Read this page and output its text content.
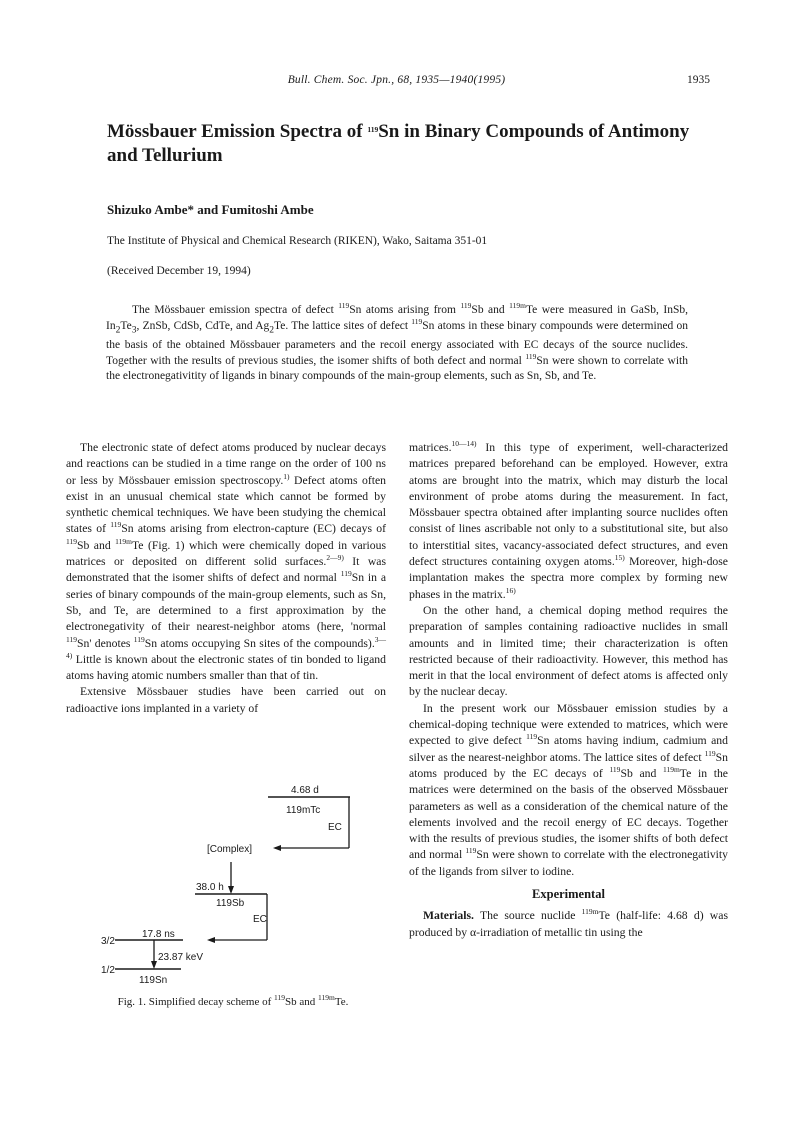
Bull. Chem. Soc. Jpn., 68, 1935—1940(1995)	1935
Mössbauer Emission Spectra of $^{119}$Sn in Binary Compounds of Antimony and Tellurium
Shizuko Ambe* and Fumitoshi Ambe
The Institute of Physical and Chemical Research (RIKEN), Wako, Saitama 351-01
(Received December 19, 1994)

The Mössbauer emission spectra of defect $^{119}$Sn atoms arising from $^{119}$Sb and $^{119m}$Te were measured in GaSb, InSb, $In_2Te_3$, ZnSb, CdSb, CdTe, and $Ag_2Te$. The lattice sites of defect $^{119}$Sn atoms in these binary compounds were determined on the basis of the obtained Mössbauer parameters and the recoil energy associated with EC decays of the source nuclides. Together with the results of previous studies, the isomer shifts of both defect and normal $^{119}$Sn were shown to correlate with the electronegativitity of ligands in binary compounds of the main-group elements, such as Sn, Sb, and Te.

The electronic state of defect atoms produced by nuclear decays and reactions can be studied in a time range on the order of 100 ns or less by Mössbauer emission spectroscopy.$^{1)}$ Defect atoms often exist in an unusual chemical state which cannot be formed by synthetic chemical techniques. We have been studying the chemical states of $^{119}$Sn atoms arising from electron-capture (EC) decays of $^{119}$Sb and $^{119m}$Te (Fig. 1) which were chemically doped in various matrices or deposited on different solid surfaces.$^{2—9)}$ It was demonstrated that the isomer shifts of defect and normal $^{119}$Sn in a series of binary compounds of the main-group elements, such as Sn, Sb, and Te, are determined to a first approximation by the electronegativity of their nearest-neighbor atoms (here, 'normal $^{119}$Sn' denotes $^{119}$Sn atoms occupying Sn sites of the compounds).$^{3—4)}$ Little is known about the electronic states of tin bonded to ligand atoms having atomic numbers smaller than that of tin.

Extensive Mössbauer studies have been carried out on radioactive ions implanted in a variety of

4.68 d
119mTc
EC
[Complex]
38.0 h
119Sb
EC
3/2
17.8 ns
23.87 keV
1/2
119Sn
Fig. 1. Simplified decay scheme of $^{119}$Sb and $^{119m}$Te.

matrices.$^{10—14)}$ In this type of experiment, well-characterized matrices prepared beforehand can be employed. However, extra atoms are brought into the matrix, which may disturb the local environment of probe atoms during the measurement. In fact, Mössbauer spectra obtained after implanting source nuclides often consist of lines ascribable not only to a substitutional site, but also to interstitial sites, vacancy-associated defect structures, and even defect structures containing oxygen atoms.$^{15)}$ Moreover, high-dose implantation makes the spectra more complex by forming new phases in the matrix.$^{16)}$

On the other hand, a chemical doping method requires the preparation of samples containing radioactive nuclides in small amounts and in limited time; their characterization is often restricted because of their radioactivity. However, this method has merit in that the local environment of defect atoms is affected only by the nuclear decay.

In the present work our Mössbauer emission studies by a chemical-doping technique were extended to matrices, which were expected to give defect $^{119}$Sn atoms having indium, cadmium and silver as the nearest-neighbor atoms. The lattice sites of defect $^{119}$Sn atoms produced by the EC decays of $^{119}$Sb and $^{119m}$Te in the matrices were determined on the basis of the observed Mössbauer parameters as well as a consideration of the chemical nature of the elements involved and the recoil energy of EC decays. Together with the results of previous studies, the isomer shifts of both defect and normal $^{119}$Sn were shown to correlate with the electronegativity of the ligands from silver to iodine.

Experimental

Materials. The source nuclide $^{119m}$Te (half-life: 4.68 d) was produced by α-irradiation of metallic tin using the
